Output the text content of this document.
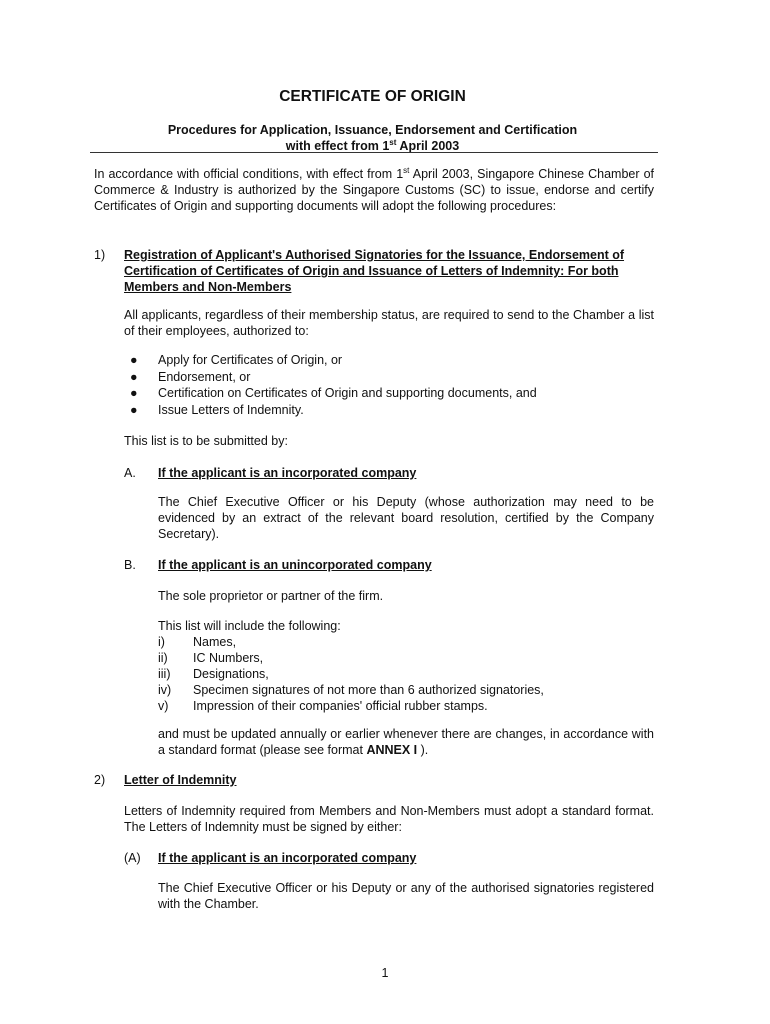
CERTIFICATE OF ORIGIN
Procedures for Application, Issuance, Endorsement and Certification
with effect from 1st April 2003
In accordance with official conditions, with effect from 1st April 2003, Singapore Chinese Chamber of Commerce & Industry is authorized by the Singapore Customs (SC) to issue, endorse and certify Certificates of Origin and supporting documents will adopt the following procedures:
1) Registration of Applicant's Authorised Signatories for the Issuance, Endorsement of Certification of Certificates of Origin and Issuance of Letters of Indemnity: For both Members and Non-Members
All applicants, regardless of their membership status, are required to send to the Chamber a list of their employees, authorized to:
● Apply for Certificates of Origin, or
● Endorsement, or
● Certification on Certificates of Origin and supporting documents, and
● Issue Letters of Indemnity.
This list is to be submitted by:
A. If the applicant is an incorporated company
The Chief Executive Officer or his Deputy (whose authorization may need to be evidenced by an extract of the relevant board resolution, certified by the Company Secretary).
B. If the applicant is an unincorporated company
The sole proprietor or partner of the firm.
This list will include the following:
i) Names,
ii) IC Numbers,
iii) Designations,
iv) Specimen signatures of not more than 6 authorized signatories,
v) Impression of their companies' official rubber stamps.
and must be updated annually or earlier whenever there are changes, in accordance with a standard format (please see format ANNEX I ).
2) Letter of Indemnity
Letters of Indemnity required from Members and Non-Members must adopt a standard format. The Letters of Indemnity must be signed by either:
(A) If the applicant is an incorporated company
The Chief Executive Officer or his Deputy or any of the authorised signatories registered with the Chamber.
1
